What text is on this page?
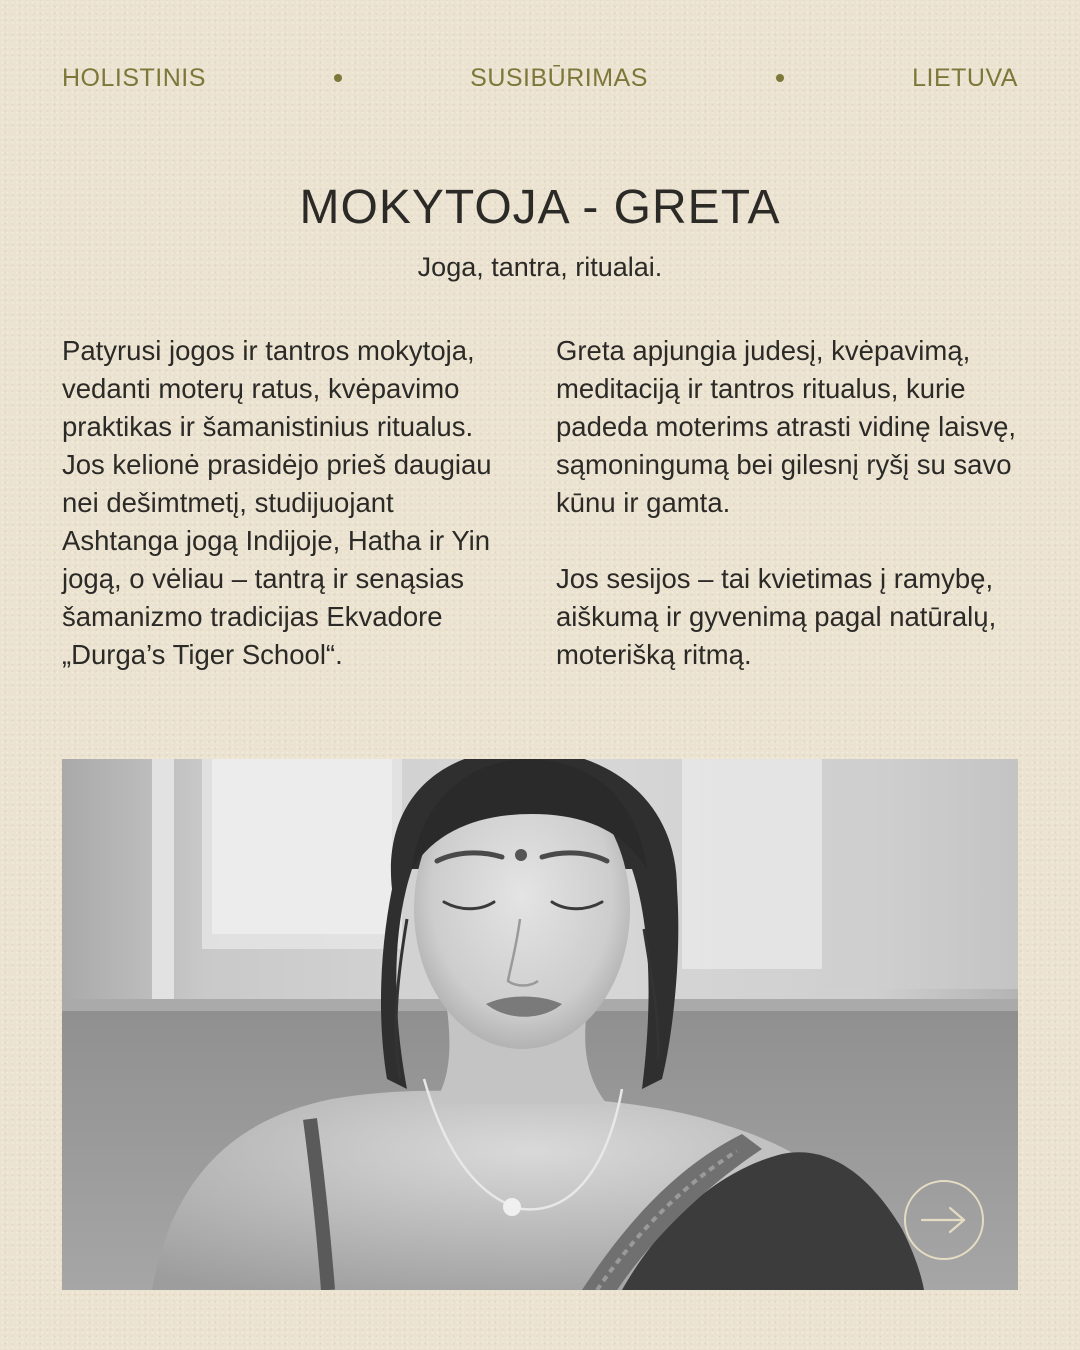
HOLISTINIS	SUSIBŪRIMAS	LIETUVA
MOKYTOJA - GRETA

Joga, tantra, ritualai.

Patyrusi jogos ir tantros mokytoja, vedanti moterų ratus, kvėpavimo praktikas ir šamanistinius ritualus. Jos kelionė prasidėjo prieš daugiau nei dešimtmetį, studijuojant Ashtanga jogą Indijoje, Hatha ir Yin jogą, o vėliau – tantrą ir senąsias šamanizmo tradicijas Ekvadore „Durga’s Tiger School“.

Greta apjungia judesį, kvėpavimą, meditaciją ir tantros ritualus, kurie padeda moterims atrasti vidinę laisvę, sąmoningumą bei gilesnį ryšį su savo kūnu ir gamta.

Jos sesijos – tai kvietimas į ramybę, aiškumą ir gyvenimą pagal natūralų, moterišką ritmą.
